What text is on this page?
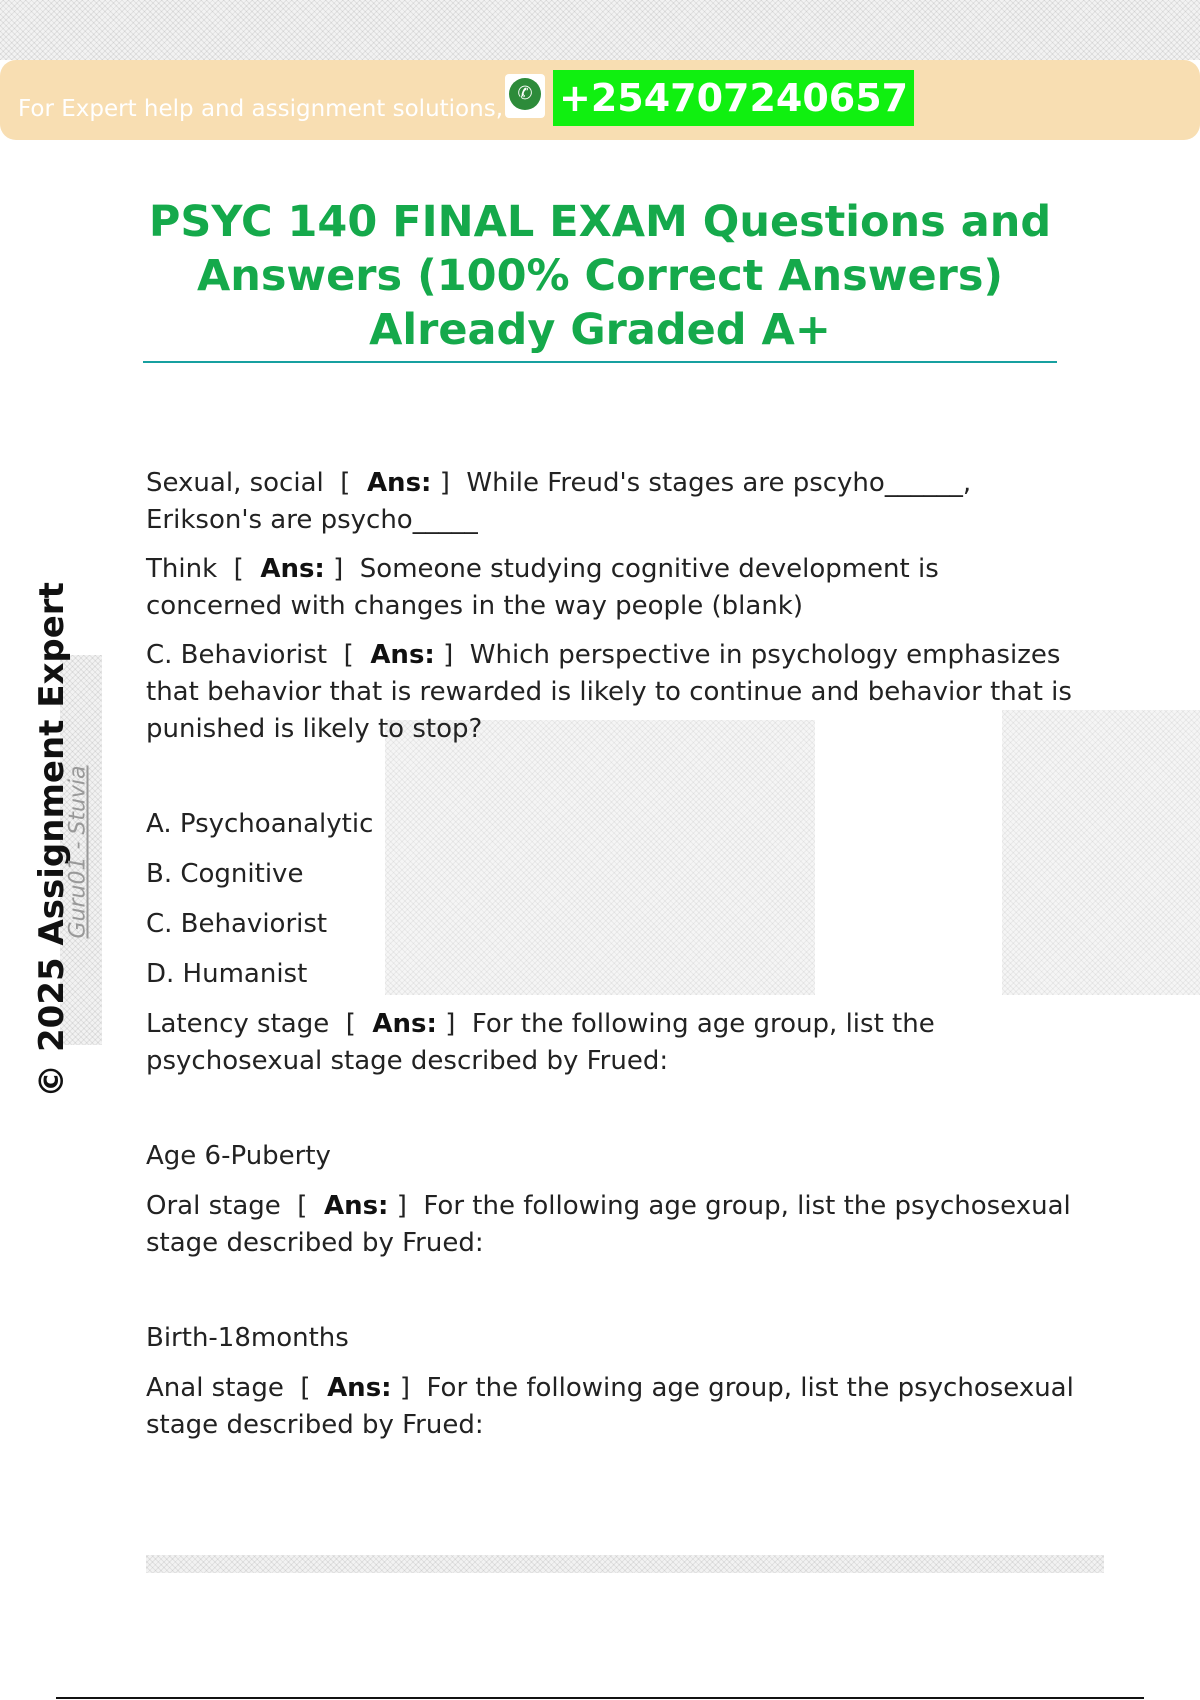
For Expert help and assignment solutions,
✆ +254707240657
PSYC 140 FINAL EXAM Questions and Answers (100% Correct Answers) Already Graded A+
© 2025 Assignment Expert
Guru01 - Stuvia
Sexual, social  [  Ans: ]  While Freud's stages are pscyho______, Erikson's are psycho_____
Think  [  Ans: ]  Someone studying cognitive development is concerned with changes in the way people (blank)
C. Behaviorist  [  Ans: ]  Which perspective in psychology emphasizes that behavior that is rewarded is likely to continue and behavior that is punished is likely to stop?
A. Psychoanalytic
B. Cognitive
C. Behaviorist
D. Humanist
Latency stage  [  Ans: ]  For the following age group, list the psychosexual stage described by Frued:
Age 6-Puberty
Oral stage  [  Ans: ]  For the following age group, list the psychosexual stage described by Frued:
Birth-18months
Anal stage  [  Ans: ]  For the following age group, list the psychosexual stage described by Frued:
